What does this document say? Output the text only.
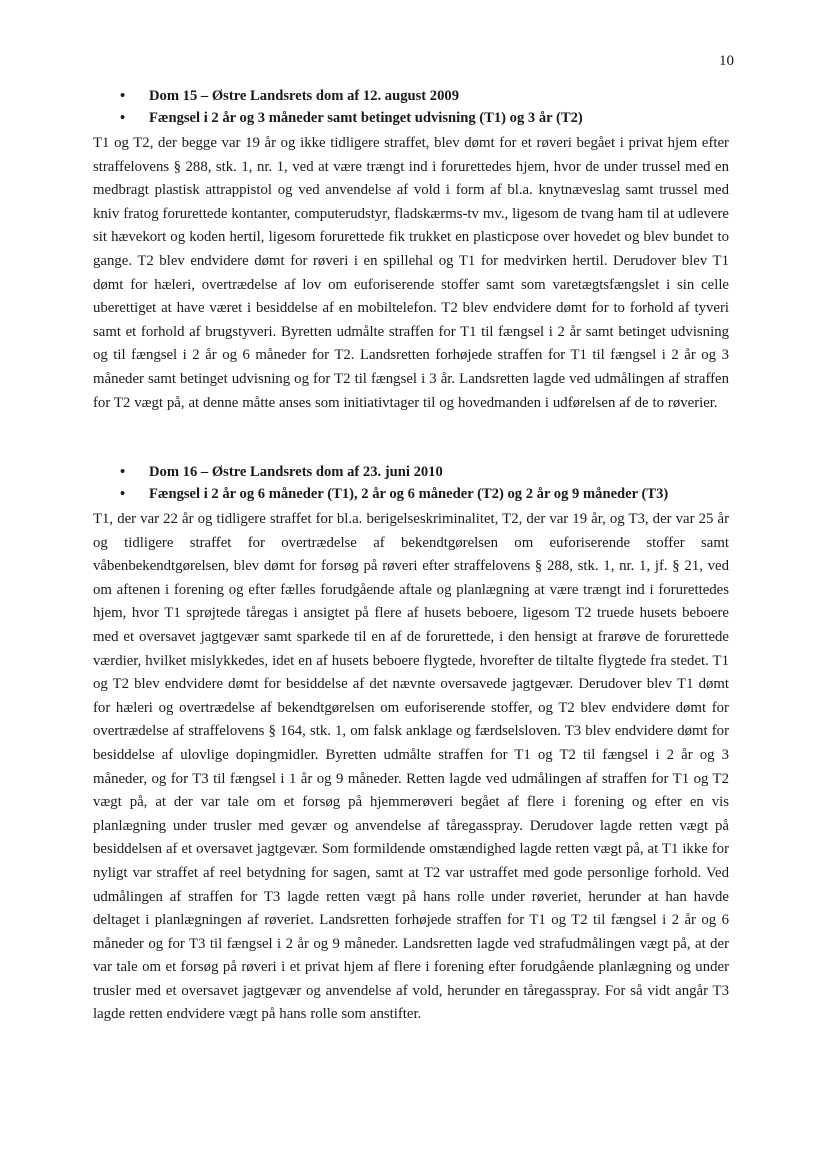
10
• Dom 15 – Østre Landsrets dom af 12. august 2009
• Fængsel i 2 år og 3 måneder samt betinget udvisning (T1) og 3 år (T2)

T1 og T2, der begge var 19 år og ikke tidligere straffet, blev dømt for et røveri begået i privat hjem efter straffelovens § 288, stk. 1, nr. 1, ved at være trængt ind i forurettedes hjem, hvor de under trussel med en medbragt plastisk attrappistol og ved anvendelse af vold i form af bl.a. knytnæveslag samt trussel med kniv fratog forurettede kontanter, computerudstyr, fladskærms-tv mv., ligesom de tvang ham til at udlevere sit hævekort og koden hertil, ligesom forurettede fik trukket en plasticpose over hovedet og blev bundet to gange. T2 blev endvidere dømt for røveri i en spillehal og T1 for medvirken hertil. Derudover blev T1 dømt for hæleri, overtrædelse af lov om euforiserende stoffer samt som varetægtsfængslet i sin celle uberettiget at have været i besiddelse af en mobiltelefon. T2 blev endvidere dømt for to forhold af tyveri samt et forhold af brugstyveri. Byretten udmålte straffen for T1 til fængsel i 2 år samt betinget udvisning og til fængsel i 2 år og 6 måneder for T2. Landsretten forhøjede straffen for T1 til fængsel i 2 år og 3 måneder samt betinget udvisning og for T2 til fængsel i 3 år. Landsretten lagde ved udmålingen af straffen for T2 vægt på, at denne måtte anses som initiativtager til og hovedmanden i udførelsen af de to røverier.

• Dom 16 – Østre Landsrets dom af 23. juni 2010
• Fængsel i 2 år og 6 måneder (T1), 2 år og 6 måneder (T2) og 2 år og 9 måneder (T3)

T1, der var 22 år og tidligere straffet for bl.a. berigelseskriminalitet, T2, der var 19 år, og T3, der var 25 år og tidligere straffet for overtrædelse af bekendtgørelsen om euforiserende stoffer samt våbenbekendtgørelsen, blev dømt for forsøg på røveri efter straffelovens § 288, stk. 1, nr. 1, jf. § 21, ved om aftenen i forening og efter fælles forudgående aftale og planlægning at være trængt ind i forurettedes hjem, hvor T1 sprøjtede tåregas i ansigtet på flere af husets beboere, ligesom T2 truede husets beboere med et oversavet jagtgevær samt sparkede til en af de forurettede, i den hensigt at frarøve de forurettede værdier, hvilket mislykkedes, idet en af husets beboere flygtede, hvorefter de tiltalte flygtede fra stedet. T1 og T2 blev endvidere dømt for besiddelse af det nævnte oversavede jagtgevær. Derudover blev T1 dømt for hæleri og overtrædelse af bekendtgørelsen om euforiserende stoffer, og T2 blev endvidere dømt for overtrædelse af straffelovens § 164, stk. 1, om falsk anklage og færdselsloven. T3 blev endvidere dømt for besiddelse af ulovlige dopingmidler. Byretten udmålte straffen for T1 og T2 til fængsel i 2 år og 3 måneder, og for T3 til fængsel i 1 år og 9 måneder. Retten lagde ved udmålingen af straffen for T1 og T2 vægt på, at der var tale om et forsøg på hjemmerøveri begået af flere i forening og efter en vis planlægning under trusler med gevær og anvendelse af tåregasspray. Derudover lagde retten vægt på besiddelsen af et oversavet jagtgevær. Som formildende omstændighed lagde retten vægt på, at T1 ikke for nyligt var straffet af reel betydning for sagen, samt at T2 var ustraffet med gode personlige forhold. Ved udmålingen af straffen for T3 lagde retten vægt på hans rolle under røveriet, herunder at han havde deltaget i planlægningen af røveriet. Landsretten forhøjede straffen for T1 og T2 til fængsel i 2 år og 6 måneder og for T3 til fængsel i 2 år og 9 måneder. Landsretten lagde ved strafudmålingen vægt på, at der var tale om et forsøg på røveri i et privat hjem af flere i forening efter forudgående planlægning og under trusler med et oversavet jagtgevær og anvendelse af vold, herunder en tåregasspray. For så vidt angår T3 lagde retten endvidere vægt på hans rolle som anstifter.
